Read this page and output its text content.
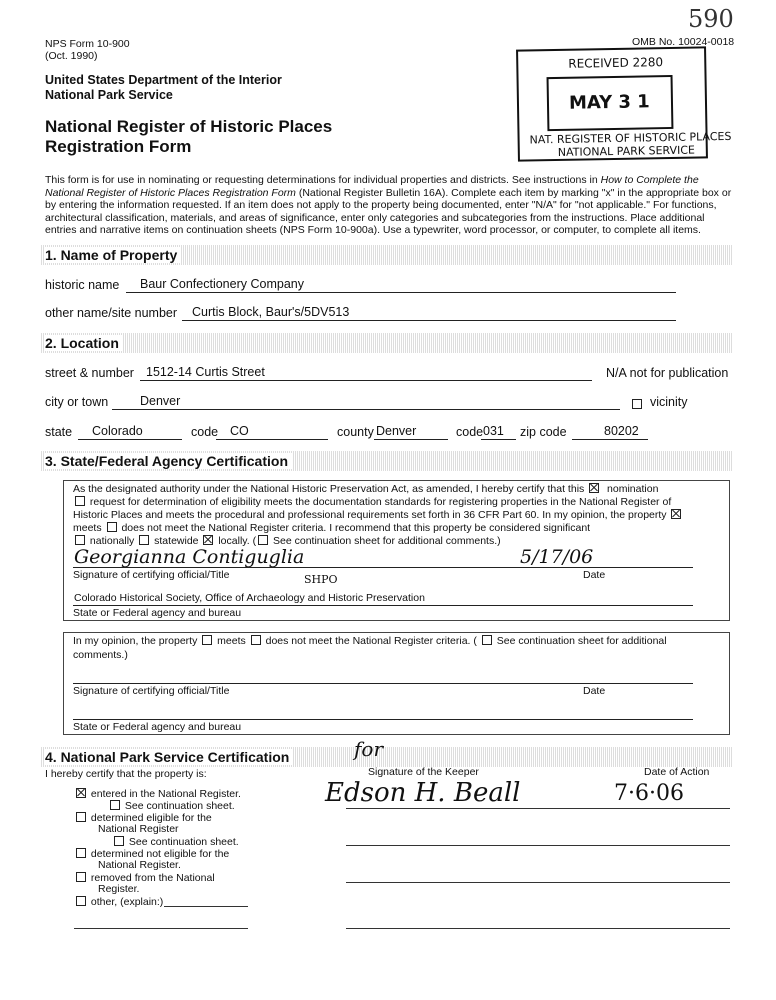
NPS Form 10-900
(Oct. 1990)
OMB No. 10024-0018
590
United States Department of the Interior
National Park Service
National Register of Historic Places
Registration Form
RECEIVED 2280
MAY 3 1
NAT. REGISTER OF HISTORIC PLACES
NATIONAL PARK SERVICE
This form is for use in nominating or requesting determinations for individual properties and districts. See instructions in How to Complete the National Register of Historic Places Registration Form (National Register Bulletin 16A). Complete each item by marking "x" in the appropriate box or by entering the information requested. If an item does not apply to the property being documented, enter "N/A" for "not applicable." For functions, architectural classification, materials, and areas of significance, enter only categories and subcategories from the instructions. Place additional entries and narrative items on continuation sheets (NPS Form 10-900a). Use a typewriter, word processor, or computer, to complete all items.
1. Name of Property
historic name	Baur Confectionery Company
other name/site number	Curtis Block, Baur's/5DV513
2. Location
street & number 1512-14 Curtis Street	N/A not for publication
city or town	Denver	vicinity
state	Colorado	code CO	county Denver	code 031	zip code	80202
3. State/Federal Agency Certification
As the designated authority under the National Historic Preservation Act, as amended, I hereby certify that this nomination
request for determination of eligibility meets the documentation standards for registering properties in the National Register of
Historic Places and meets the procedural and professional requirements set forth in 36 CFR Part 60. In my opinion, the property
meets does not meet the National Register criteria. I recommend that this property be considered significant
nationally statewide locally. ( See continuation sheet for additional comments.)
Georgianna Contiguglia	5/17/06
Signature of certifying official/Title	SHPO	Date
Colorado Historical Society, Office of Archaeology and Historic Preservation
State or Federal agency and bureau
In my opinion, the property meets does not meet the National Register criteria. ( See continuation sheet for additional
comments.)
Signature of certifying official/Title	Date
State or Federal agency and bureau
4. National Park Service Certification
I hereby certify that the property is:	Signature of the Keeper	Date of Action
for
Edson H. Beall	7·6·06
entered in the National Register.
See continuation sheet.
determined eligible for the
National Register
See continuation sheet.
determined not eligible for the
National Register.
removed from the National
Register.
other, (explain:)
